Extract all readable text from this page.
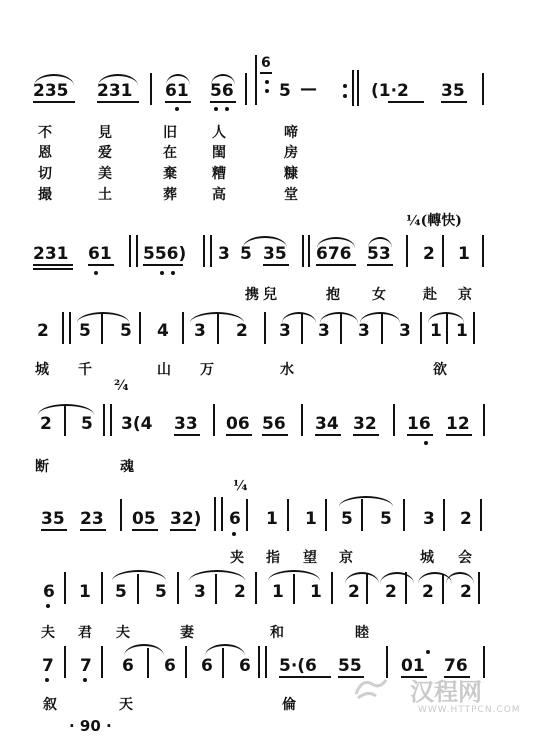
235 231 61 56
6
5 —	(1·2 35
不	見	旧	人	啼
恩	爱	在	閨	房
切	美	棄	糟	糠
撮	土	葬	高	堂
¼(轉快)
231 61 556) 3 5 35 676 53 2 1
携 兒	抱 女	赴 京
2 5 5 4 3 2 3 3 3 3 1 1
城 千	山 万	水	欲
²⁄₄
2 5 3(4 33 06 56 34 32 16 12
断	魂
¼
35 23 05 32) 6 1 1 5 5 3 2
夹 指 望 京	城 会
6 1 5 5 3 2 1 1 2 2 2 2
夫 君 夫	妻	和	睦
7 7 6 6 6 6 5·(6 55 01 76
叙	天	倫
· 90 ·
汉程网
WWW.HTTPCN.COM
